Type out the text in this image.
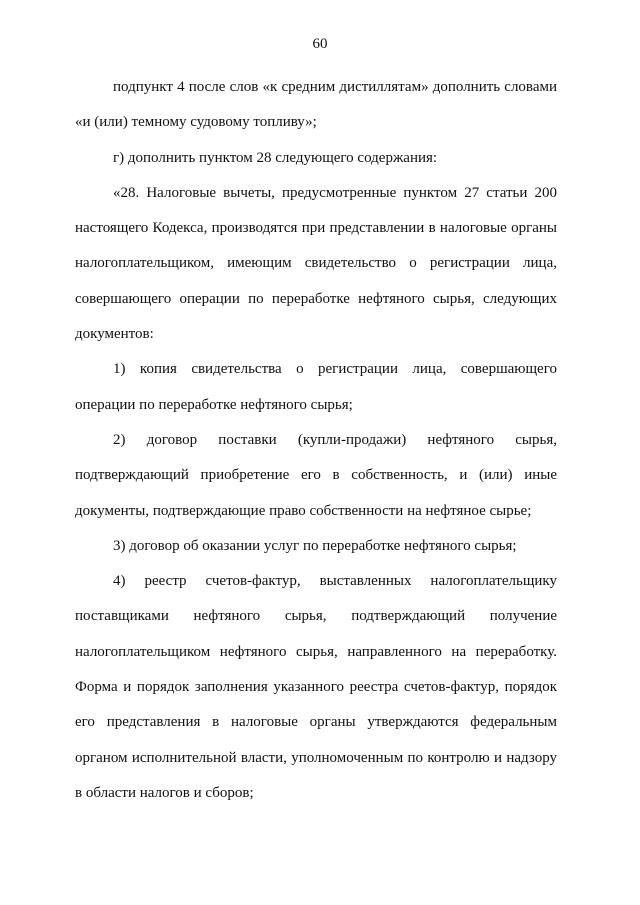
60

подпункт 4 после слов «к средним дистиллятам» дополнить словами «и (или) темному судовому топливу»;

г) дополнить пунктом 28 следующего содержания:

«28. Налоговые вычеты, предусмотренные пунктом 27 статьи 200 настоящего Кодекса, производятся при представлении в налоговые органы налогоплательщиком, имеющим свидетельство о регистрации лица, совершающего операции по переработке нефтяного сырья, следующих документов:

1) копия свидетельства о регистрации лица, совершающего операции по переработке нефтяного сырья;

2) договор поставки (купли-продажи) нефтяного сырья, подтверждающий приобретение его в собственность, и (или) иные документы, подтверждающие право собственности на нефтяное сырье;

3) договор об оказании услуг по переработке нефтяного сырья;

4) реестр счетов-фактур, выставленных налогоплательщику поставщиками нефтяного сырья, подтверждающий получение налогоплательщиком нефтяного сырья, направленного на переработку. Форма и порядок заполнения указанного реестра счетов-фактур, порядок его представления в налоговые органы утверждаются федеральным органом исполнительной власти, уполномоченным по контролю и надзору в области налогов и сборов;
